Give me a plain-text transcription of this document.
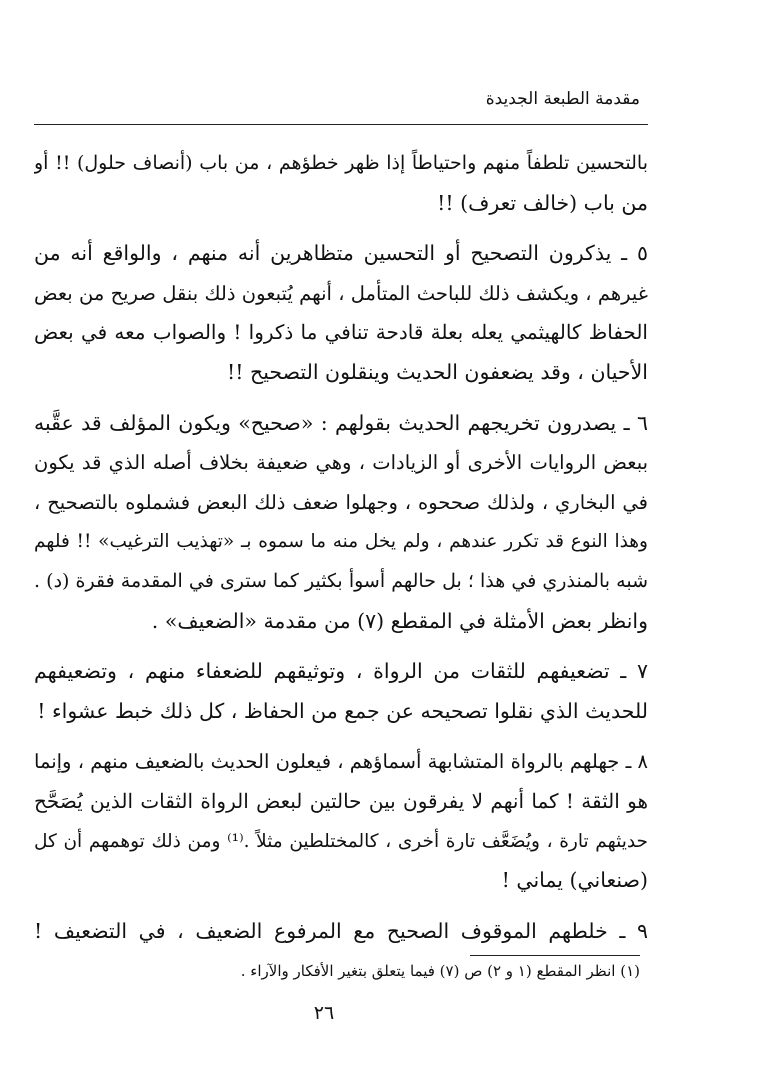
مقدمة الطبعة الجديدة

بالتحسين تلطفاً منهم واحتياطاً إذا ظهر خطؤهم ، من باب (أنصاف حلول) !! أو
من باب (خالف تعرف) !!

٥ ـ يذكرون التصحيح أو التحسين متظاهرين أنه منهم ، والواقع أنه من
غيرهم ، ويكشف ذلك للباحث المتأمل ، أنهم يُتبعون ذلك بنقل صريح من بعض
الحفاظ كالهيثمي يعله بعلة قادحة تنافي ما ذكروا ! والصواب معه في بعض
الأحيان ، وقد يضعفون الحديث وينقلون التصحيح !!

٦ ـ يصدرون تخريجهم الحديث بقولهم : «صحيح» ويكون المؤلف قد عقَّبه
ببعض الروايات الأخرى أو الزيادات ، وهي ضعيفة بخلاف أصله الذي قد يكون
في البخاري ، ولذلك صححوه ، وجهلوا ضعف ذلك البعض فشملوه بالتصحيح ،
وهذا النوع قد تكرر عندهم ، ولم يخل منه ما سموه بـ «تهذيب الترغيب» !! فلهم
شبه بالمنذري في هذا ؛ بل حالهم أسوأ بكثير كما سترى في المقدمة فقرة (د) .
وانظر بعض الأمثلة في المقطع (٧) من مقدمة «الضعيف» .

٧ ـ تضعيفهم للثقات من الرواة ، وتوثيقهم للضعفاء منهم ، وتضعيفهم
للحديث الذي نقلوا تصحيحه عن جمع من الحفاظ ، كل ذلك خبط عشواء !

٨ ـ جهلهم بالرواة المتشابهة أسماؤهم ، فيعلون الحديث بالضعيف منهم ، وإنما
هو الثقة ! كما أنهم لا يفرقون بين حالتين لبعض الرواة الثقات الذين يُصَحَّح
حديثهم تارة ، ويُضَعَّف تارة أخرى ، كالمختلطين مثلاً .⁽¹⁾ ومن ذلك توهمهم أن كل
(صنعاني) يماني !

٩ ـ خلطهم الموقوف الصحيح مع المرفوع الضعيف ، في التضعيف !

(١) انظر المقطع (١ و ٢) ص (٧) فيما يتعلق بتغير الأفكار والآراء .
٢٦
